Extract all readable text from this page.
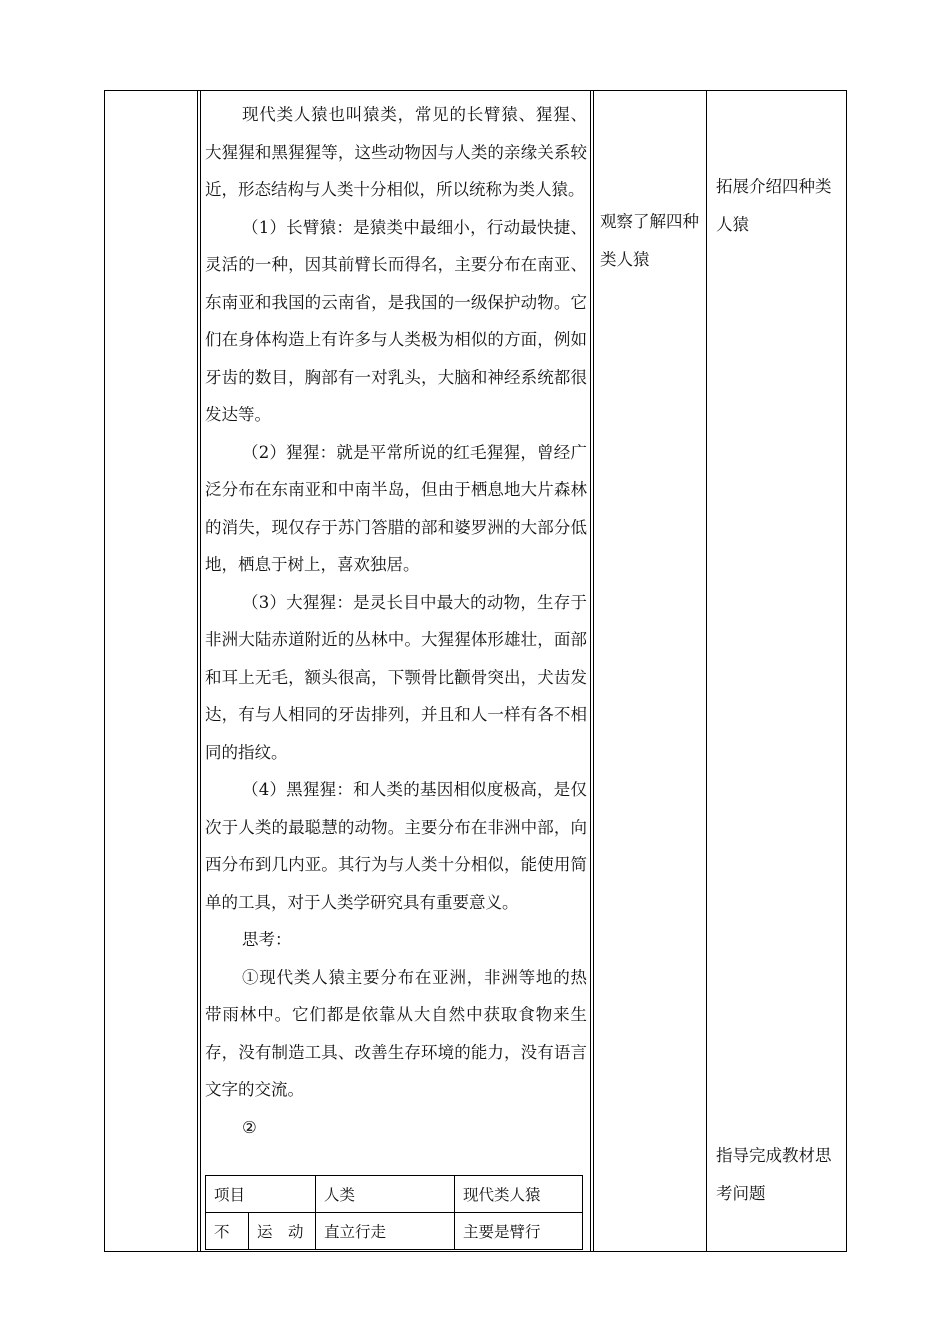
现代类人猿也叫猿类，常见的长臂猿、猩猩、大猩猩和黑猩猩等，这些动物因与人类的亲缘关系较近，形态结构与人类十分相似，所以统称为类人猿。

（1）长臂猿：是猿类中最细小，行动最快捷、灵活的一种，因其前臂长而得名，主要分布在南亚、东南亚和我国的云南省，是我国的一级保护动物。它们在身体构造上有许多与人类极为相似的方面，例如牙齿的数目，胸部有一对乳头，大脑和神经系统都很发达等。

（2）猩猩：就是平常所说的红毛猩猩，曾经广泛分布在东南亚和中南半岛，但由于栖息地大片森林的消失，现仅存于苏门答腊的部和婆罗洲的大部分低地，栖息于树上，喜欢独居。

（3）大猩猩：是灵长目中最大的动物，生存于非洲大陆赤道附近的丛林中。大猩猩体形雄壮，面部和耳上无毛，额头很高，下颚骨比颧骨突出，犬齿发达，有与人相同的牙齿排列，并且和人一样有各不相同的指纹。

（4）黑猩猩：和人类的基因相似度极高，是仅次于人类的最聪慧的动物。主要分布在非洲中部，向西分布到几内亚。其行为与人类十分相似，能使用简单的工具，对于人类学研究具有重要意义。

思考：

①现代类人猿主要分布在亚洲，非洲等地的热带雨林中。它们都是依靠从大自然中获取食物来生存，没有制造工具、改善生存环境的能力，没有语言文字的交流。

②

项目		人类	现代类人猿
不	运　动	直立行走	主要是臂行
观察了解四种类人猿
拓展介绍四种类人猿
指导完成教材思考问题
